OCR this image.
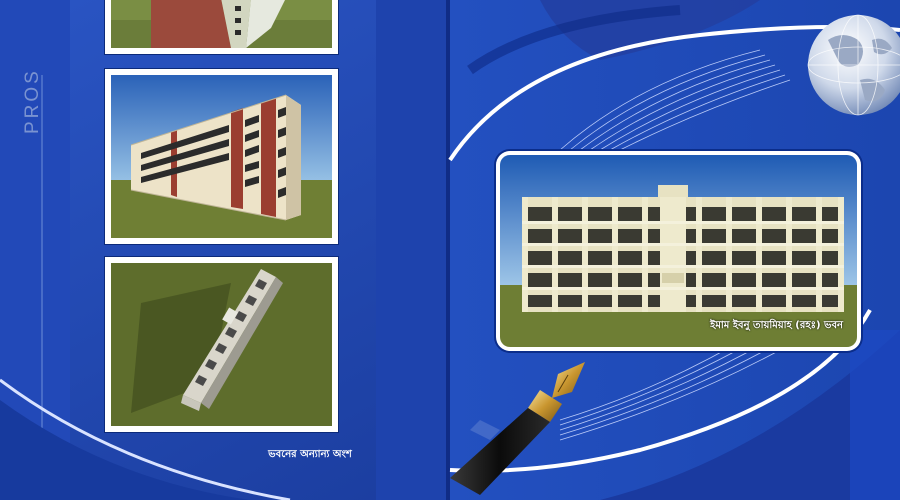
PROS
ভবনের অন্যান্য অংশ
ইমাম ইবনু তায়মিয়াহ (রহঃ) ভবন
